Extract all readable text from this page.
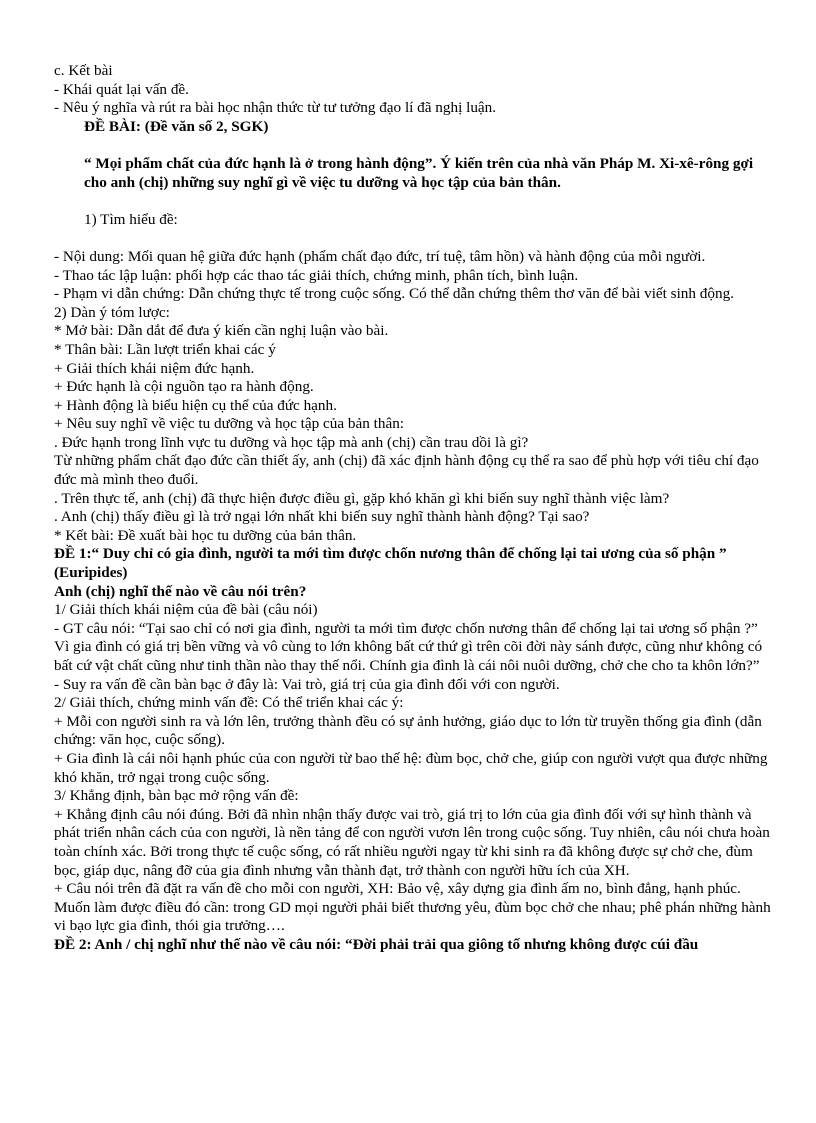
c. Kết bài

- Khái quát lại vấn đề.

- Nêu ý nghĩa và rút ra bài học nhận thức từ tư tưởng đạo lí đã nghị luận.

ĐỀ BÀI: (Đề văn số 2, SGK)

“ Mọi phẩm chất của đức hạnh là ở trong hành động”. Ý kiến trên của nhà văn Pháp M. Xi-xê-rông gợi cho anh (chị) những suy nghĩ gì về việc tu dưỡng và học tập của bản thân.

1) Tìm hiểu đề:

- Nội dung: Mối quan hệ giữa đức hạnh (phẩm chất đạo đức, trí tuệ, tâm hồn) và hành động của mỗi người.

- Thao tác lập luận: phối hợp các thao tác giải thích, chứng minh, phân tích, bình luận.

- Phạm vi dẫn chứng: Dẫn chứng thực tế trong cuộc sống. Có thể dẫn chứng thêm thơ văn để bài viết sinh động.

2) Dàn ý tóm lược:

* Mở bài: Dẫn dắt để đưa ý kiến cần nghị luận vào bài.

* Thân bài: Lần lượt triển khai các ý

+ Giải thích khái niệm đức hạnh.

+ Đức hạnh là cội nguồn tạo ra hành động.

+ Hành động là biểu hiện cụ thể của đức hạnh.

+ Nêu suy nghĩ về việc tu dưỡng và học tập của bản thân:

. Đức hạnh trong lĩnh vực tu dưỡng và học tập mà anh (chị) cần trau dồi là gì?

Từ những phẩm chất đạo đức cần thiết ấy, anh (chị) đã xác định hành động cụ thể ra sao để phù hợp với tiêu chí đạo đức mà mình theo đuổi.

. Trên thực tế, anh (chị) đã thực hiện được điều gì, gặp khó khăn gì khi biến suy nghĩ thành việc làm?

. Anh (chị) thấy điều gì là trở ngại lớn nhất khi biến suy nghĩ thành hành động? Tại sao?

* Kết bài: Đề xuất bài học tu dưỡng của bản thân.

ĐỀ 1:“ Duy chỉ có gia đình, người ta mới tìm được chốn nương thân để chống lại tai ương của số phận ” (Euripides)

Anh (chị) nghĩ thế nào về câu nói trên?

1/ Giải thích khái niệm của đề bài (câu nói)

- GT câu nói: “Tại sao chỉ có nơi gia đình, người ta mới tìm được chốn nương thân để chống lại tai ương số phận ?” Vì gia đình có giá trị bền vững và vô cùng to lớn không bất cứ thứ gì trên cõi đời này sánh được, cũng như không có bất cứ vật chất cũng như tinh thần nào thay thế nổi. Chính gia đình là cái nôi nuôi dưỡng, chở che cho ta khôn lớn?”

- Suy ra vấn đề cần bàn bạc ở đây là: Vai trò, giá trị của gia đình đối với con người.

2/ Giải thích, chứng minh vấn đề: Có thể triển khai các ý:

+ Mỗi con người sinh ra và lớn lên, trưởng thành đều có sự ảnh hưởng, giáo dục to lớn từ truyền thống gia đình (dẫn chứng: văn học, cuộc sống).

+ Gia đình là cái nôi hạnh phúc của con người từ bao thế hệ: đùm bọc, chở che, giúp con người vượt qua được những khó khăn, trở ngại trong cuộc sống.

3/ Khẳng định, bàn bạc mở rộng vấn đề:

+ Khẳng định câu nói đúng. Bởi đã nhìn nhận thấy được vai trò, giá trị to lớn của gia đình đối với sự hình thành và phát triển nhân cách của con người, là nền tảng để con người vươn lên trong cuộc sống. Tuy nhiên, câu nói chưa hoàn toàn chính xác. Bởi trong thực tế cuộc sống, có rất nhiều người ngay từ khi sinh ra đã không được sự chở che, đùm bọc, giáp dục, nâng đỡ của gia đình nhưng vẫn thành đạt, trở thành con người hữu ích của XH.

+ Câu nói trên đã đặt ra vấn đề cho mỗi con người, XH: Bảo vệ, xây dựng gia đình ấm no, bình đẳng, hạnh phúc. Muốn làm được điều đó cần: trong GD mọi người phải biết thương yêu, đùm bọc chở che nhau; phê phán những hành vi bạo lực gia đình, thói gia trưởng….

ĐỀ 2: Anh / chị nghĩ như thế nào về câu nói: “Đời phải trải qua giông tố nhưng không được cúi đầu
